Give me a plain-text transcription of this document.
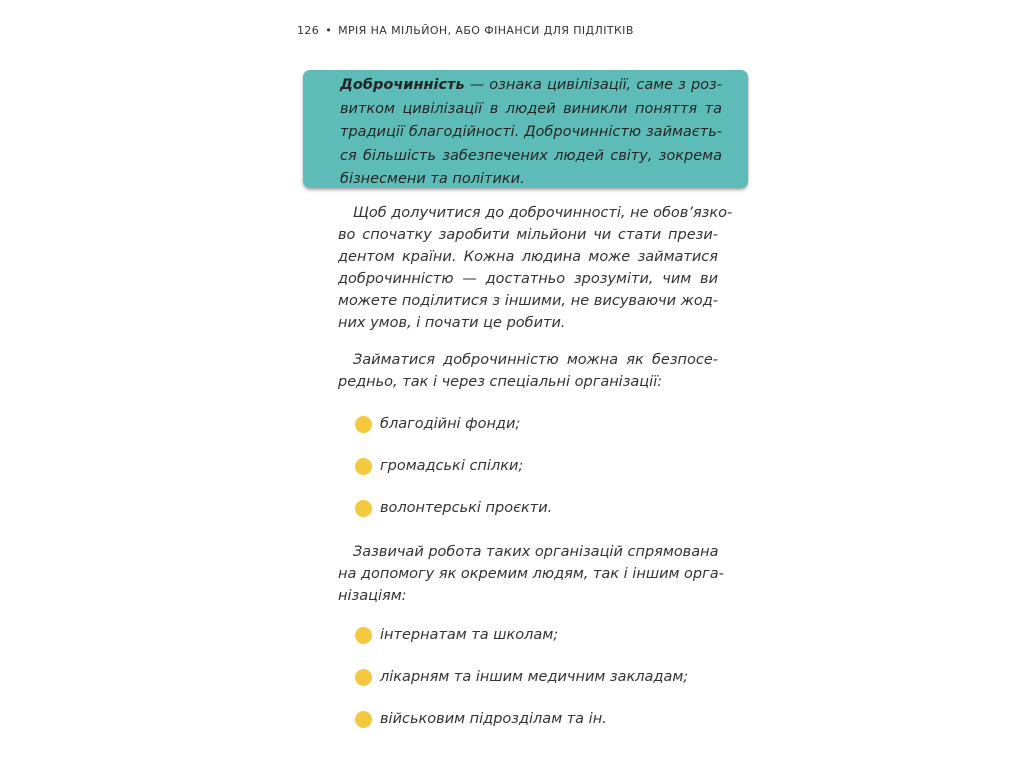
126 • МРІЯ НА МІЛЬЙОН, АБО ФІНАНСИ ДЛЯ ПІДЛІТКІВ
Доброчинність — ознака цивілізації, саме з роз-
витком цивілізації в людей виникли поняття та
традиції благодійності. Доброчинністю займаєть-
ся більшість забезпечених людей світу, зокрема
бізнесмени та політики.
Щоб долучитися до доброчинності, не обов’язко-
во спочатку заробити мільйони чи стати прези-
дентом країни. Кожна людина може займатися
доброчинністю — достатньо зрозуміти, чим ви
можете поділитися з іншими, не висуваючи жод-
них умов, і почати це робити.
Займатися доброчинністю можна як безпосе-
редньо, так і через спеціальні організації:
благодійні фонди;
громадські спілки;
волонтерські проєкти.
Зазвичай робота таких організацій спрямована
на допомогу як окремим людям, так і іншим орга-
нізаціям:
інтернатам та школам;
лікарням та іншим медичним закладам;
військовим підрозділам та ін.
